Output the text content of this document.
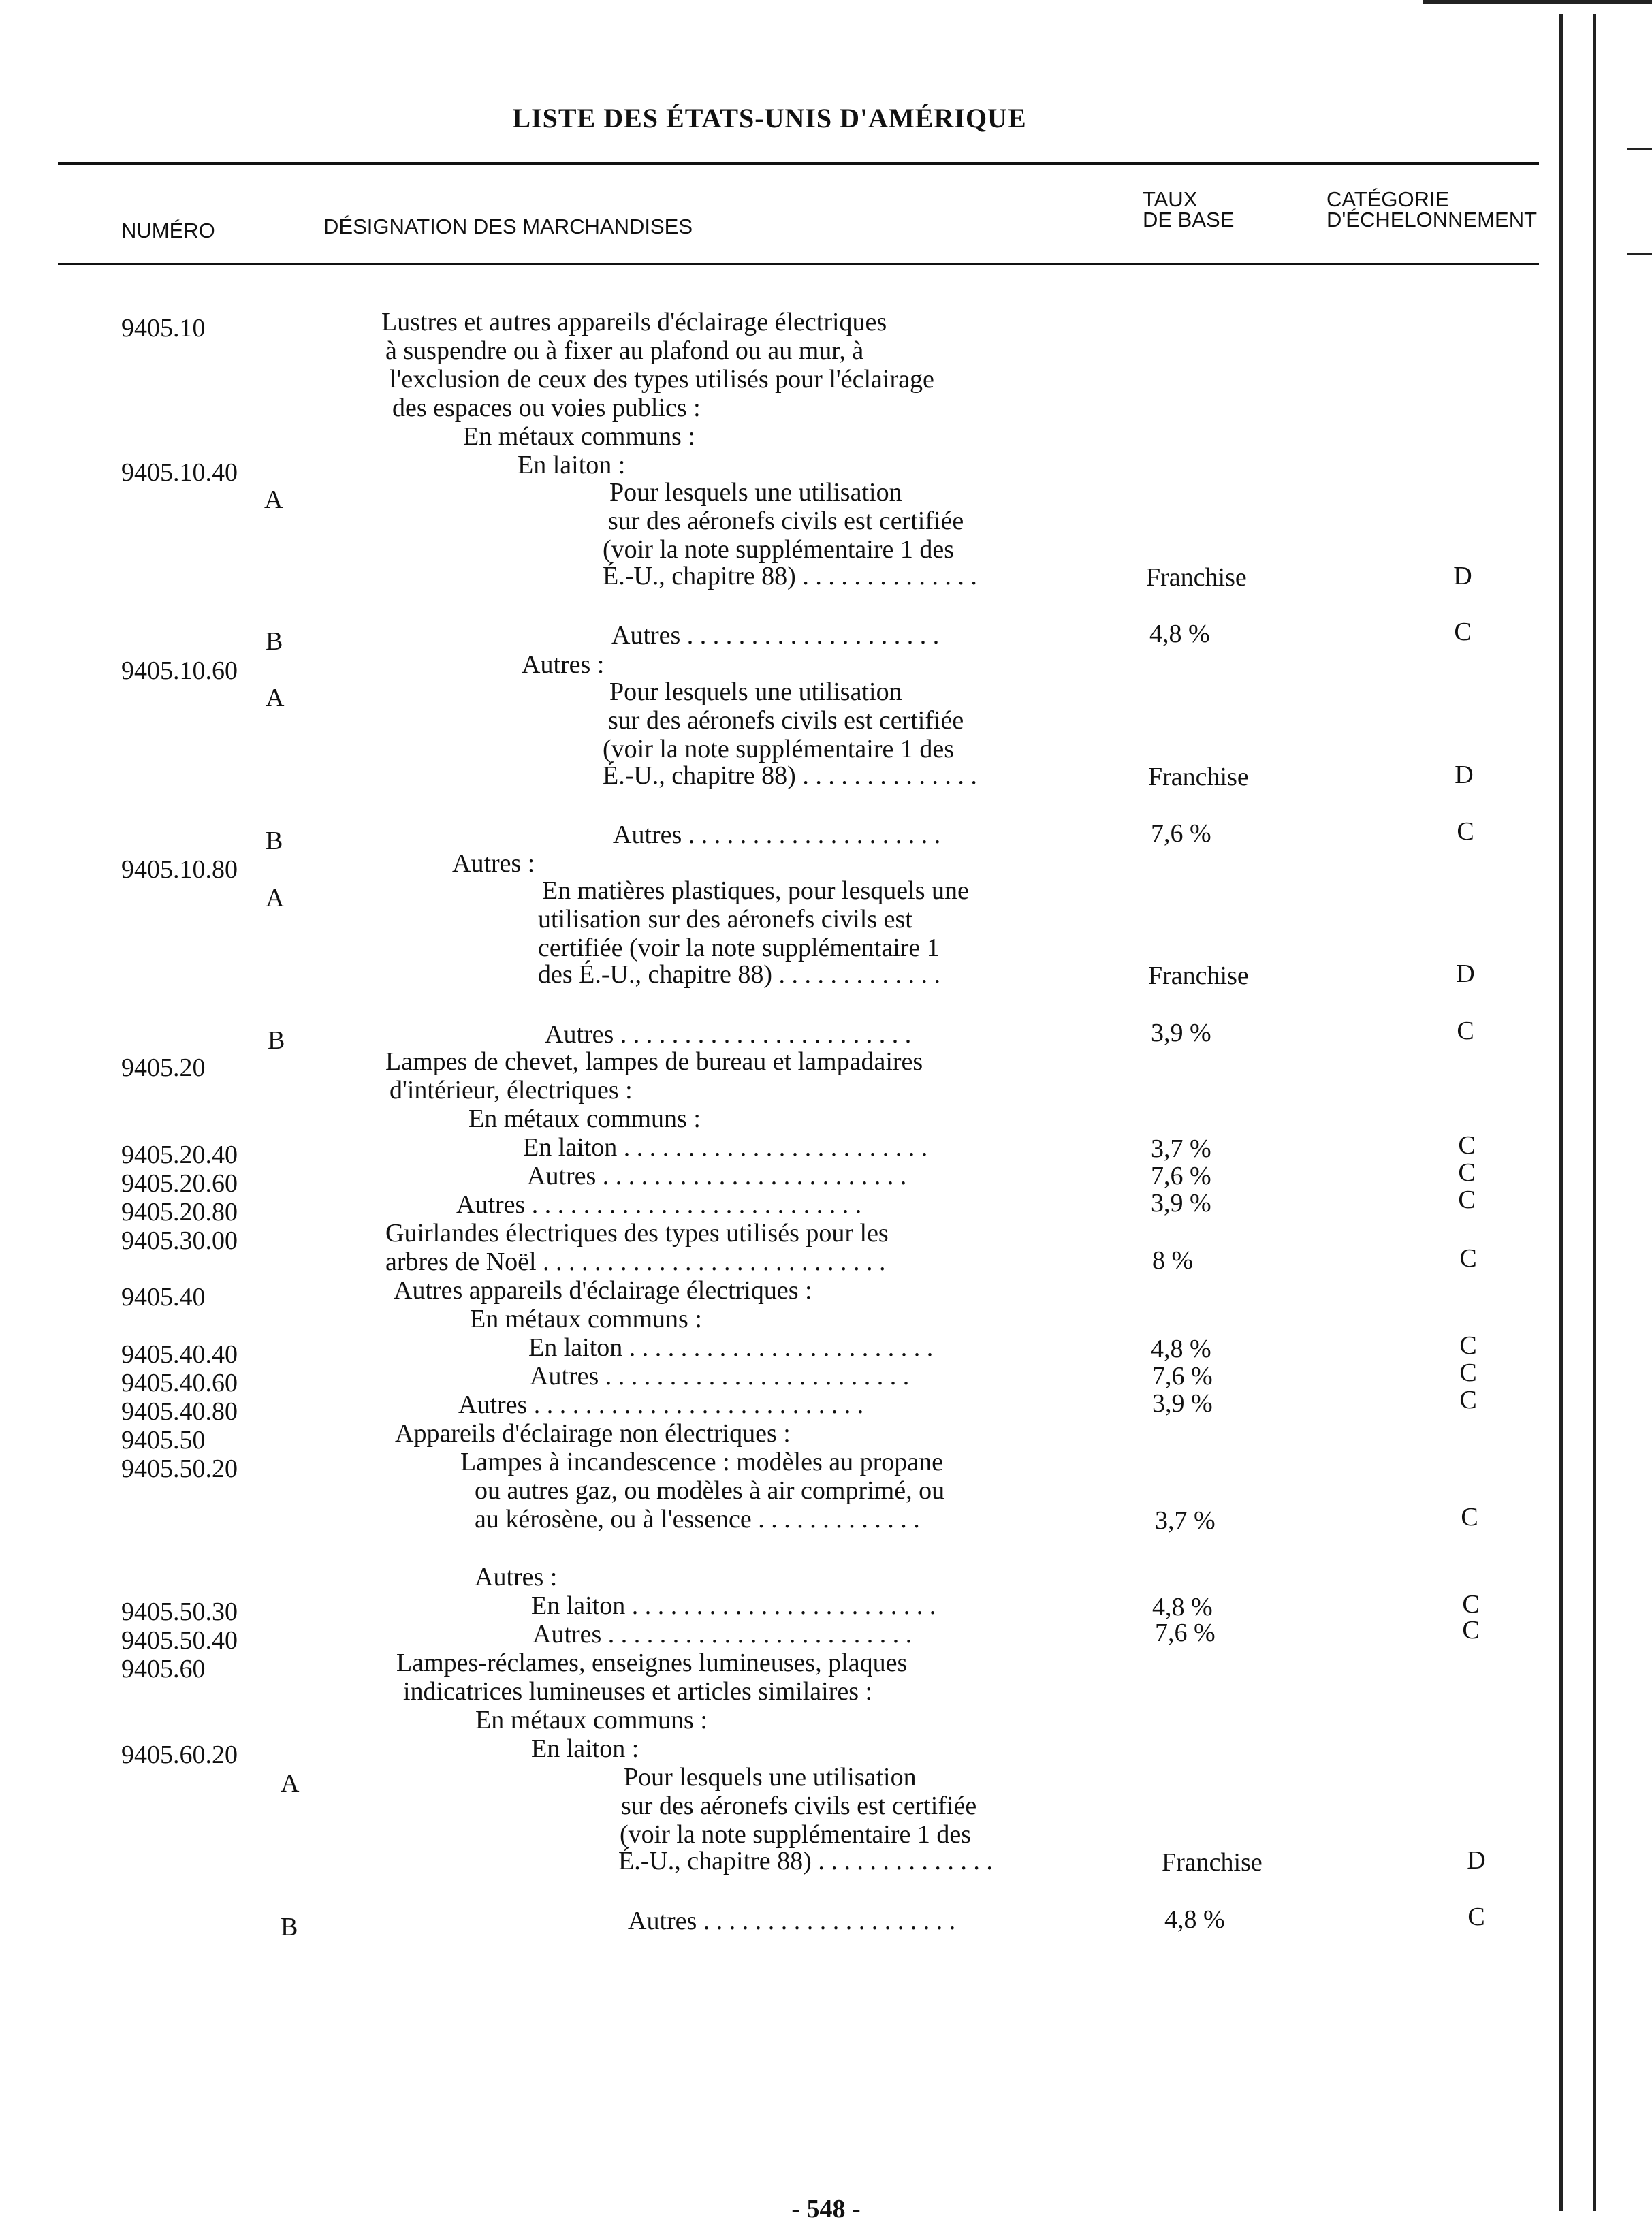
LISTE DES ÉTATS-UNIS D'AMÉRIQUE
NUMÉRO	DÉSIGNATION DES MARCHANDISES
TAUX
DE BASE
CATÉGORIE
D'ÉCHELONNEMENT
9405.10
9405.10.40
9405.10.60
9405.10.80
9405.20
9405.20.40
9405.20.60
9405.20.80
9405.30.00
9405.40
9405.40.40
9405.40.60
9405.40.80
9405.50
9405.50.20
9405.50.30
9405.50.40
9405.60
9405.60.20
A
B
A
B
A
B
A
B
Lustres et autres appareils d'éclairage électriques
à suspendre ou à fixer au plafond ou au mur, à
l'exclusion de ceux des types utilisés pour l'éclairage
des espaces ou voies publics :
En métaux communs :
En laiton :
Pour lesquels une utilisation
sur des aéronefs civils est certifiée
(voir la note supplémentaire 1 des
É.-U., chapitre 88) . . . . . . . . . . . . . .
Autres . . . . . . . . . . . . . . . . . . . .
Autres :
Pour lesquels une utilisation
sur des aéronefs civils est certifiée
(voir la note supplémentaire 1 des
É.-U., chapitre 88) . . . . . . . . . . . . . .
Autres . . . . . . . . . . . . . . . . . . . .
Autres :
En matières plastiques, pour lesquels une
utilisation sur des aéronefs civils est
certifiée (voir la note supplémentaire 1
des É.-U., chapitre 88) . . . . . . . . . . . . .
Autres . . . . . . . . . . . . . . . . . . . . . . .
Lampes de chevet, lampes de bureau et lampadaires
d'intérieur, électriques :
En métaux communs :
En laiton . . . . . . . . . . . . . . . . . . . . . . . .
Autres . . . . . . . . . . . . . . . . . . . . . . . .
Autres . . . . . . . . . . . . . . . . . . . . . . . . . .
Guirlandes électriques des types utilisés pour les
arbres de Noël . . . . . . . . . . . . . . . . . . . . . . . . . . .
Autres appareils d'éclairage électriques :
En métaux communs :
En laiton . . . . . . . . . . . . . . . . . . . . . . . .
Autres . . . . . . . . . . . . . . . . . . . . . . . .
Autres . . . . . . . . . . . . . . . . . . . . . . . . . .
Appareils d'éclairage non électriques :
Lampes à incandescence : modèles au propane
ou autres gaz, ou modèles à air comprimé, ou
au kérosène, ou à l'essence . . . . . . . . . . . . .
Autres :
En laiton . . . . . . . . . . . . . . . . . . . . . . . .
Autres . . . . . . . . . . . . . . . . . . . . . . . .
Lampes-réclames, enseignes lumineuses, plaques
indicatrices lumineuses et articles similaires :
En métaux communs :
En laiton :
Pour lesquels une utilisation
sur des aéronefs civils est certifiée
(voir la note supplémentaire 1 des
É.-U., chapitre 88) . . . . . . . . . . . . . .
Autres . . . . . . . . . . . . . . . . . . . .
Franchise
4,8 %
Franchise
7,6 %
Franchise
3,9 %
3,7 %
7,6 %
3,9 %
8 %
4,8 %
7,6 %
3,9 %
3,7 %
4,8 %
7,6 %
Franchise
4,8 %
D
C
D
C
D
C
C
C
C
C
C
C
C
C
C
C
D
C
- 548 -
